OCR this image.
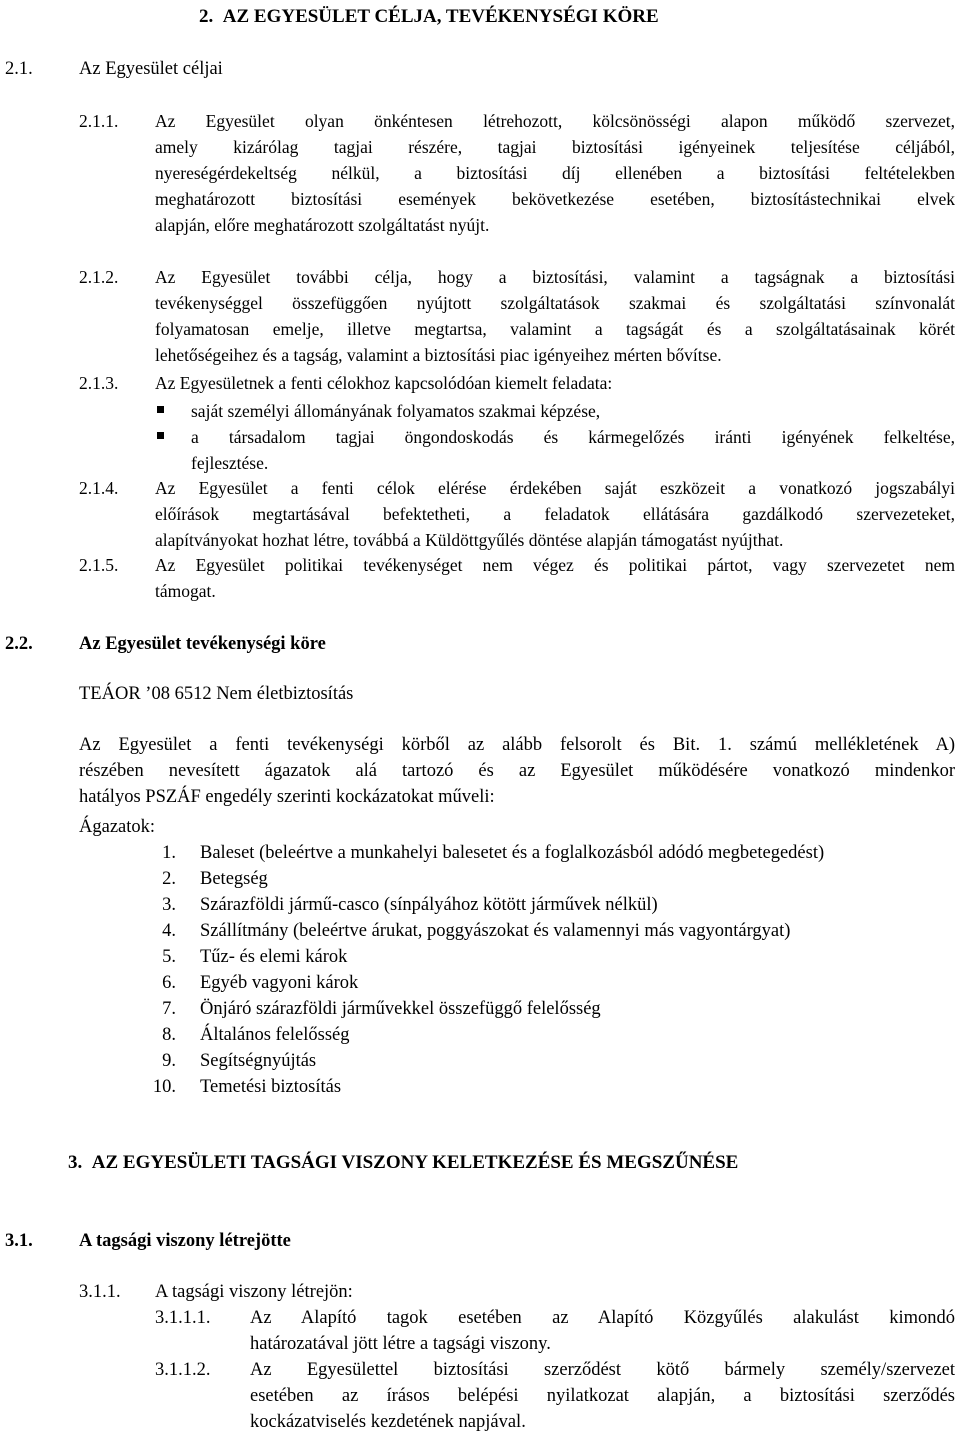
2. AZ EGYESÜLET CÉLJA, TEVÉKENYSÉGI KÖRE
2.1.	Az Egyesület céljai
2.1.1. Az Egyesület olyan önkéntesen létrehozott, kölcsönösségi alapon működő szervezet,
amely kizárólag tagjai részére, tagjai biztosítási igényeinek teljesítése céljából,
nyereségérdekeltség nélkül, a biztosítási díj ellenében a biztosítási feltételekben
meghatározott biztosítási események bekövetkezése esetében, biztosítástechnikai elvek
alapján, előre meghatározott szolgáltatást nyújt.
2.1.2. Az Egyesület további célja, hogy a biztosítási, valamint a tagságnak a biztosítási
tevékenységgel összefüggően nyújtott szolgáltatások szakmai és szolgáltatási színvonalát
folyamatosan emelje, illetve megtartsa, valamint a tagságát és a szolgáltatásainak körét
lehetőségeihez és a tagság, valamint a biztosítási piac igényeihez mérten bővítse.
2.1.3. Az Egyesületnek a fenti célokhoz kapcsolódóan kiemelt feladata:
saját személyi állományának folyamatos szakmai képzése,
a társadalom tagjai öngondoskodás és kármegelőzés iránti igényének felkeltése,
fejlesztése.
2.1.4. Az Egyesület a fenti célok elérése érdekében saját eszközeit a vonatkozó jogszabályi
előírások megtartásával befektetheti, a feladatok ellátására gazdálkodó szervezeteket,
alapítványokat hozhat létre, továbbá a Küldöttgyűlés döntése alapján támogatást nyújthat.
2.1.5. Az Egyesület politikai tevékenységet nem végez és politikai pártot, vagy szervezetet nem
támogat.
2.2.	Az Egyesület tevékenységi köre
TEÁOR ’08 6512 Nem életbiztosítás
Az Egyesület a fenti tevékenységi körből az alább felsorolt és Bit. 1. számú mellékletének A)
részében nevesített ágazatok alá tartozó és az Egyesület működésére vonatkozó mindenkor
hatályos PSZÁF engedély szerinti kockázatokat műveli:
Ágazatok:
1. Baleset (beleértve a munkahelyi balesetet és a foglalkozásból adódó megbetegedést)
2. Betegség
3. Szárazföldi jármű-casco (sínpályához kötött járművek nélkül)
4. Szállítmány (beleértve árukat, poggyászokat és valamennyi más vagyontárgyat)
5. Tűz- és elemi károk
6. Egyéb vagyoni károk
7. Önjáró szárazföldi járművekkel összefüggő felelősség
8. Általános felelősség
9. Segítségnyújtás
10. Temetési biztosítás
3. AZ EGYESÜLETI TAGSÁGI VISZONY KELETKEZÉSE ÉS MEGSZŰNÉSE
3.1.	A tagsági viszony létrejötte
3.1.1. A tagsági viszony létrejön:
3.1.1.1. Az Alapító tagok esetében az Alapító Közgyűlés alakulást kimondó
határozatával jött létre a tagsági viszony.
3.1.1.2. Az Egyesülettel biztosítási szerződést kötő bármely személy/szervezet
esetében az írásos belépési nyilatkozat alapján, a biztosítási szerződés
kockázatviselés kezdetének napjával.
